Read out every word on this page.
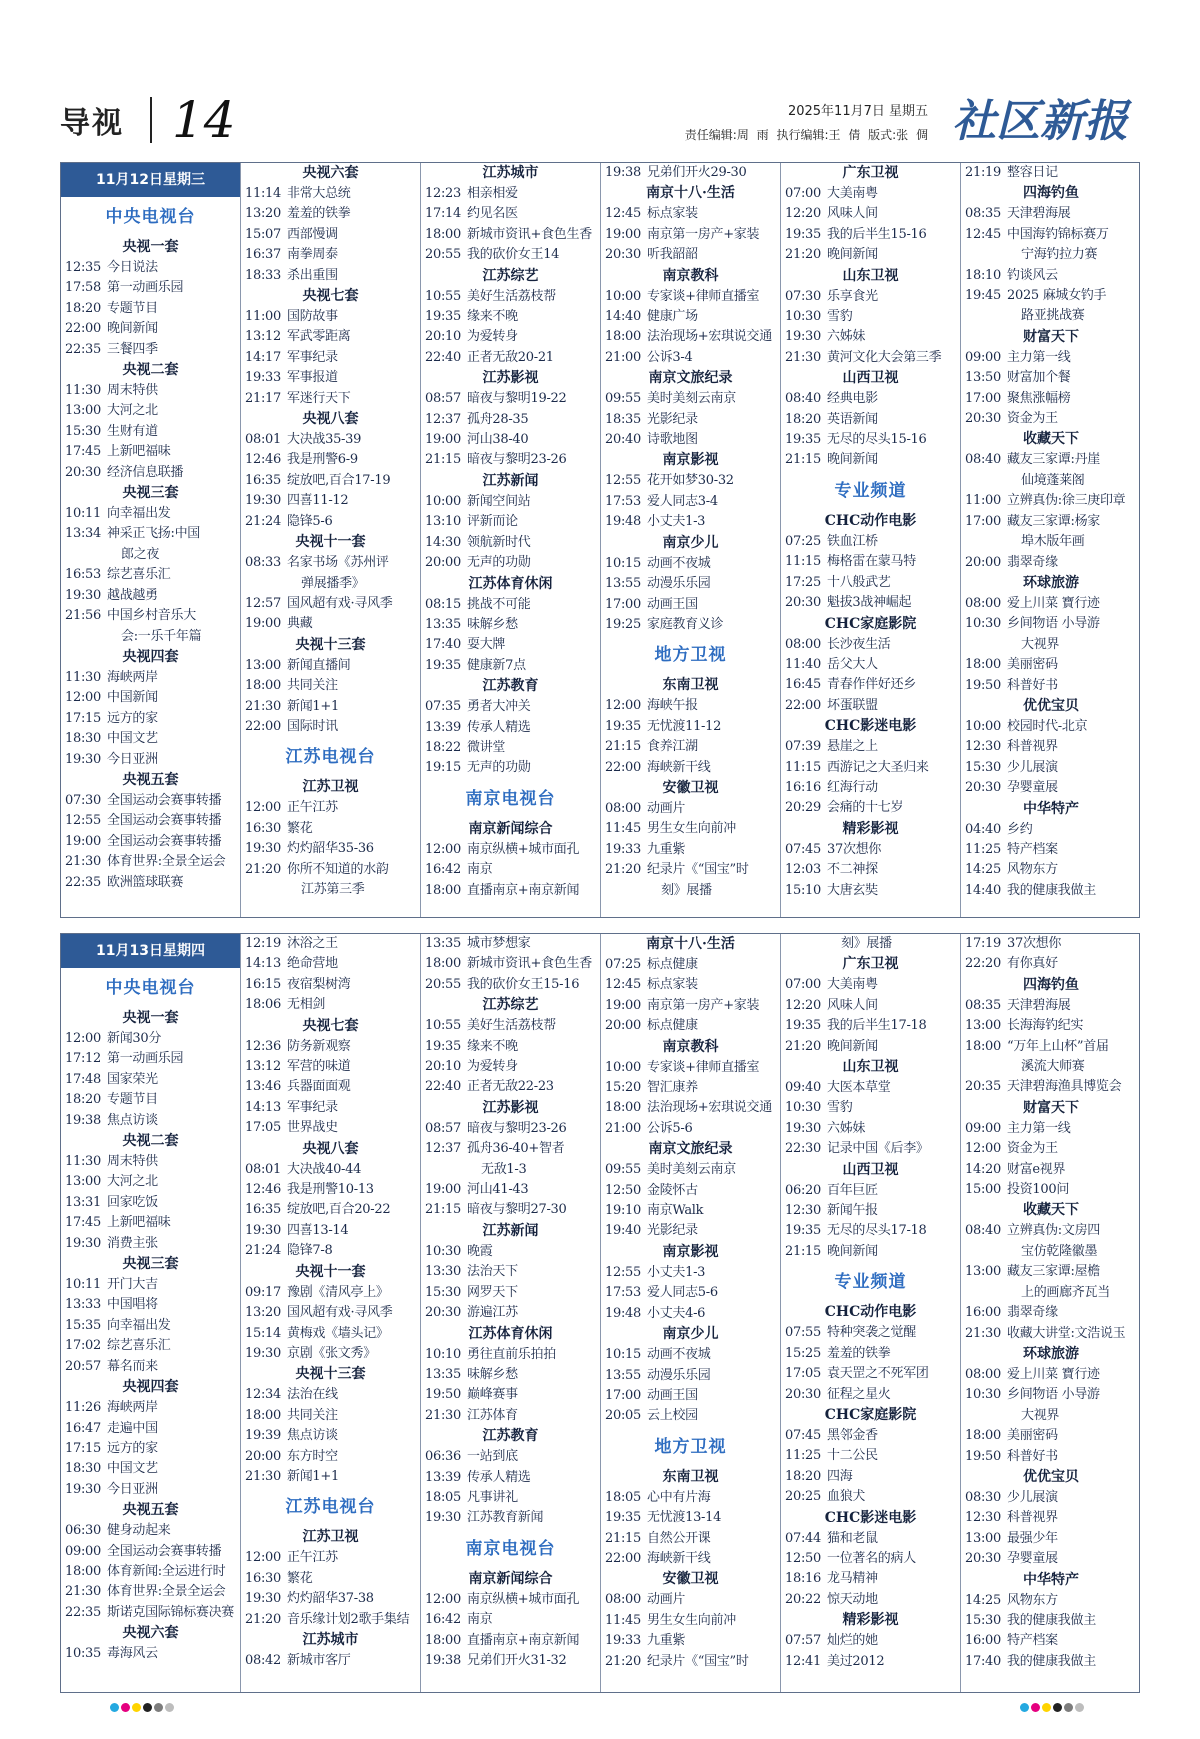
导视 14	2025年11月7日 星期五
责任编辑:周 雨 执行编辑:王 倩 版式:张 倜 社区新报
11月12日星期三
中央电视台
央视一套
12:35 今日说法
17:58 第一动画乐园
18:20 专题节目
22:00 晚间新闻
22:35 三餐四季
央视二套
11:30 周末特供
13:00 大河之北
15:30 生财有道
17:45 上新吧福味
20:30 经济信息联播
央视三套
10:11 向幸福出发
13:34 神采正飞扬:中国
郎之夜
16:53 综艺喜乐汇
19:30 越战越勇
21:56 中国乡村音乐大
会:一乐千年篇
央视四套
11:30 海峡两岸
12:00 中国新闻
17:15 远方的家
18:30 中国文艺
19:30 今日亚洲
央视五套
07:30 全国运动会赛事转播
12:55 全国运动会赛事转播
19:00 全国运动会赛事转播
21:30 体育世界:全景全运会
22:35 欧洲篮球联赛
央视六套
11:14 非常大总统
13:20 羞羞的铁拳
15:07 西部慢调
16:37 南拳周泰
18:33 杀出重围
央视七套
11:00 国防故事
13:12 军武零距离
14:17 军事纪录
19:33 军事报道
21:17 军迷行天下
央视八套
08:01 大决战35-39
12:46 我是刑警6-9
16:35 绽放吧,百合17-19
19:30 四喜11-12
21:24 隐锋5-6
央视十一套
08:33 名家书场《苏州评
弹展播季》
12:57 国风超有戏·寻风季
19:00 典藏
央视十三套
13:00 新闻直播间
18:00 共同关注
21:30 新闻1+1
22:00 国际时讯
江苏电视台
江苏卫视
12:00 正午江苏
16:30 繁花
19:30 灼灼韶华35-36
21:20 你所不知道的水韵
江苏第三季
江苏城市
12:23 相亲相爱
17:14 约见名医
18:00 新城市资讯+食色生香
20:55 我的砍价女王14
江苏综艺
10:55 美好生活荔枝帮
19:35 缘来不晚
20:10 为爱转身
22:40 正者无敌20-21
江苏影视
08:57 暗夜与黎明19-22
12:37 孤舟28-35
19:00 河山38-40
21:15 暗夜与黎明23-26
江苏新闻
10:00 新闻空间站
13:10 评新而论
14:30 领航新时代
20:00 无声的功勋
江苏体育休闲
08:15 挑战不可能
13:35 味解乡愁
17:40 耍大牌
19:35 健康新7点
江苏教育
07:35 勇者大冲关
13:39 传承人精选
18:22 微讲堂
19:15 无声的功勋
南京电视台
南京新闻综合
12:00 南京纵横+城市面孔
16:42 南京
18:00 直播南京+南京新闻
19:38 兄弟们开火29-30
南京十八·生活
12:45 标点家装
19:00 南京第一房产+家装
20:30 听我韶韶
南京教科
10:00 专家谈+律师直播室
14:40 健康广场
18:00 法治现场+宏琪说交通
21:00 公诉3-4
南京文旅纪录
09:55 美时美刻云南京
18:35 光影纪录
20:40 诗歌地图
南京影视
12:55 花开如梦30-32
17:53 爱人同志3-4
19:48 小丈夫1-3
南京少儿
10:15 动画不夜城
13:55 动漫乐乐园
17:00 动画王国
19:25 家庭教育义诊
地方卫视
东南卫视
12:00 海峡午报
19:35 无忧渡11-12
21:15 食养江湖
22:00 海峡新干线
安徽卫视
08:00 动画片
11:45 男生女生向前冲
19:33 九重紫
21:20 纪录片《“国宝”时
刻》展播
广东卫视
07:00 大美南粤
12:20 风味人间
19:35 我的后半生15-16
21:20 晚间新闻
山东卫视
07:30 乐享食光
10:30 雪豹
19:30 六姊妹
21:30 黄河文化大会第三季
山西卫视
08:40 经典电影
18:20 英语新闻
19:35 无尽的尽头15-16
21:15 晚间新闻
专业频道
CHC动作电影
07:25 铁血江桥
11:15 梅格雷在蒙马特
17:25 十八般武艺
20:30 魁拔3战神崛起
CHC家庭影院
08:00 长沙夜生活
11:40 岳父大人
16:45 青春作伴好还乡
22:00 坏蛋联盟
CHC影迷电影
07:39 悬崖之上
11:15 西游记之大圣归来
16:16 红海行动
20:29 会痛的十七岁
精彩影视
07:45 37次想你
12:03 不二神探
15:10 大唐玄奘
21:19 整容日记
四海钓鱼
08:35 天津碧海展
12:45 中国海钓锦标赛万
宁海钓拉力赛
18:10 钓谈风云
19:45 2025 麻城女钓手
路亚挑战赛
财富天下
09:00 主力第一线
13:50 财富加个餐
17:00 聚焦涨幅榜
20:30 资金为王
收藏天下
08:40 藏友三家谭:丹崖
仙境蓬莱阁
11:00 立辨真伪:徐三庚印章
17:00 藏友三家谭:杨家
埠木版年画
20:00 翡翠奇缘
环球旅游
08:00 爱上川菜 寶行迹
10:30 乡间物语 小导游
大视界
18:00 美丽密码
19:50 科普好书
优优宝贝
10:00 校园时代-北京
12:30 科普视界
15:30 少儿展演
20:30 孕婴童展
中华特产
04:40 乡约
11:25 特产档案
14:25 风物东方
14:40 我的健康我做主
11月13日星期四
中央电视台
央视一套
12:00 新闻30分
17:12 第一动画乐园
17:48 国家荣光
18:20 专题节目
19:38 焦点访谈
央视二套
11:30 周末特供
13:00 大河之北
13:31 回家吃饭
17:45 上新吧福味
19:30 消费主张
央视三套
10:11 开门大吉
13:33 中国唱将
15:35 向幸福出发
17:02 综艺喜乐汇
20:57 幕名而来
央视四套
11:26 海峡两岸
16:47 走遍中国
17:15 远方的家
18:30 中国文艺
19:30 今日亚洲
央视五套
06:30 健身动起来
09:00 全国运动会赛事转播
18:00 体育新闻:全运进行时
21:30 体育世界:全景全运会
22:35 斯诺克国际锦标赛决赛
央视六套
10:35 毒海风云
12:19 沐浴之王
14:13 绝命营地
16:15 夜宿梨树湾
18:06 无相剑
央视七套
12:36 防务新观察
13:12 军营的味道
13:46 兵器面面观
14:13 军事纪录
17:05 世界战史
央视八套
08:01 大决战40-44
12:46 我是刑警10-13
16:35 绽放吧,百合20-22
19:30 四喜13-14
21:24 隐锋7-8
央视十一套
09:17 豫剧《清风亭上》
13:20 国风超有戏·寻风季
15:14 黄梅戏《墙头记》
19:30 京剧《张文秀》
央视十三套
12:34 法治在线
18:00 共同关注
19:39 焦点访谈
20:00 东方时空
21:30 新闻1+1
江苏电视台
江苏卫视
12:00 正午江苏
16:30 繁花
19:30 灼灼韶华37-38
21:20 音乐缘计划2歌手集结
江苏城市
08:42 新城市客厅
13:35 城市梦想家
18:00 新城市资讯+食色生香
20:55 我的砍价女王15-16
江苏综艺
10:55 美好生活荔枝帮
19:35 缘来不晚
20:10 为爱转身
22:40 正者无敌22-23
江苏影视
08:57 暗夜与黎明23-26
12:37 孤舟36-40+智者
无敌1-3
19:00 河山41-43
21:15 暗夜与黎明27-30
江苏新闻
10:30 晚霞
13:30 法治天下
15:30 网罗天下
20:30 游遍江苏
江苏体育休闲
10:10 勇往直前乐拍拍
13:35 味解乡愁
19:50 巅峰赛事
21:30 江苏体育
江苏教育
06:36 一站到底
13:39 传承人精选
18:05 凡事讲礼
19:30 江苏教育新闻
南京电视台
南京新闻综合
12:00 南京纵横+城市面孔
16:42 南京
18:00 直播南京+南京新闻
19:38 兄弟们开火31-32
南京十八·生活
07:25 标点健康
12:45 标点家装
19:00 南京第一房产+家装
20:00 标点健康
南京教科
10:00 专家谈+律师直播室
15:20 智汇康养
18:00 法治现场+宏琪说交通
21:00 公诉5-6
南京文旅纪录
09:55 美时美刻云南京
12:50 金陵怀古
19:10 南京Walk
19:40 光影纪录
南京影视
12:55 小丈夫1-3
17:53 爱人同志5-6
19:48 小丈夫4-6
南京少儿
10:15 动画不夜城
13:55 动漫乐乐园
17:00 动画王国
20:05 云上校园
地方卫视
东南卫视
18:05 心中有片海
19:35 无忧渡13-14
21:15 自然公开课
22:00 海峡新干线
安徽卫视
08:00 动画片
11:45 男生女生向前冲
19:33 九重紫
21:20 纪录片《“国宝”时
刻》展播
广东卫视
07:00 大美南粤
12:20 风味人间
19:35 我的后半生17-18
21:20 晚间新闻
山东卫视
09:40 大医本草堂
10:30 雪豹
19:30 六姊妹
22:30 记录中国《后李》
山西卫视
06:20 百年巨匠
12:30 新闻午报
19:35 无尽的尽头17-18
21:15 晚间新闻
专业频道
CHC动作电影
07:55 特种突袭之觉醒
15:25 羞羞的铁拳
17:05 袁天罡之不死军团
20:30 征程之星火
CHC家庭影院
07:45 黑邻金香
11:25 十二公民
18:20 四海
20:25 血狼犬
CHC影迷电影
07:44 猫和老鼠
12:50 一位著名的病人
18:16 龙马精神
20:22 惊天动地
精彩影视
07:57 灿烂的她
12:41 美过2012
17:19 37次想你
22:20 有你真好
四海钓鱼
08:35 天津碧海展
13:00 长海海钓纪实
18:00 “万年上山杯”首届
溪流大师赛
20:35 天津碧海渔具博览会
财富天下
09:00 主力第一线
12:00 资金为王
14:20 财富e视界
15:00 投资100问
收藏天下
08:40 立辨真伪:文房四
宝仿乾隆徽墨
13:00 藏友三家谭:屋檐
上的画廊齐瓦当
16:00 翡翠奇缘
21:30 收藏大讲堂:文浩说玉
环球旅游
08:00 爱上川菜 寶行迹
10:30 乡间物语 小导游
大视界
18:00 美丽密码
19:50 科普好书
优优宝贝
08:30 少儿展演
12:30 科普视界
13:00 最强少年
20:30 孕婴童展
中华特产
14:25 风物东方
15:30 我的健康我做主
16:00 特产档案
17:40 我的健康我做主
